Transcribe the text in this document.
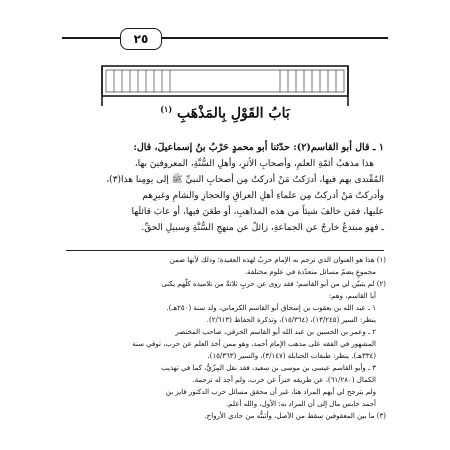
٢٥
بَابُ القَوْلِ بِالمَذْهَبِ $^{(١)}$

١ ـ قال أبو القاسم(٢): حدّثنا أبو محمدٍ حَرْبُ بنُ إسماعيلَ، قال:

هذا مذهبُ أئمّةِ العلمِ، وأصحابِ الأثرِ، وأهلِ السُّنَّةِ، المعروفينَ بها،

المُقْتدى بهم فيها، أدرَكتُ مَنْ أدركتُ مِن أصحابِ النبيِّ ﷺ إلى يومِنا هذا(٣)،

وأدركتُ مَنْ أدركتُ مِن علماءِ أهلِ العراقِ والحجازِ والشامِ وغيرِهم

عليها، فمَن خالفَ شيئاً من هذه المذاهبِ، أو طعَنَ فيها، أو عابَ قائلَها

ـ فهو مبتدعٌ خارجٌ عن الجماعةِ، زائلٌ عن منهجِ السُّنَّةِ وسبيلِ الحقِّ.

(١) هذا هو العنوان الذي ترجم به الإمام حربٌ لهذه العقيدة؛ وذلك لأنها ضمن

مجموعٍ يضمّ مسائل متعدّدة في علوم مختلفة.

(٢) لم يتبيّن لي من أبو القاسم؛ فقد روى عن حربٍ ثلاثةٌ من تلاميذه كلّهم يكنى

أبا القاسم، وهم:

١ ـ عبد الله بن يعقوب بن إسحاق أبو القاسم الكرماني، ولد سنة (٢٥٠هـ).

ينظر: السير (١٣/٢٤٥)، (١٥/٣٦٤)، وتذكرة الحفاظ (٢/٦١٣).

٢ ـ وعمر بن الحسين بن عبد الله أبو القاسم الخرقي، صاحب المختصر

المشهور في الفقه على مذهب الإمام أحمد، وهو ممن أخذ العلم عن حرب، توفي سنة

(٣٣٤هـ). ينظر: طبقات الحنابلة (٣/١٤٧)، والسير (١٥/٣٦٣).

٣ ـ وأبو القاسم عيسى بن موسى بن سعيد، فقد نقل المِزّيُّ، كما في تهذيب

الكمال (٦١/٢٨٠)، عن طريقه خبراً عن حرب، ولم أجد له ترجمة.

ولم يترجح لي أيهم المراد هنا، غير أن محقق مسائل حرب الدكتور فايز بن

أحمد حابس مال إلى أن المراد به: الأول، والله أعلم.

(٣) ما بين المعقوفين سقط من الأصل، وأثبتُّه من حادي الأرواح.
